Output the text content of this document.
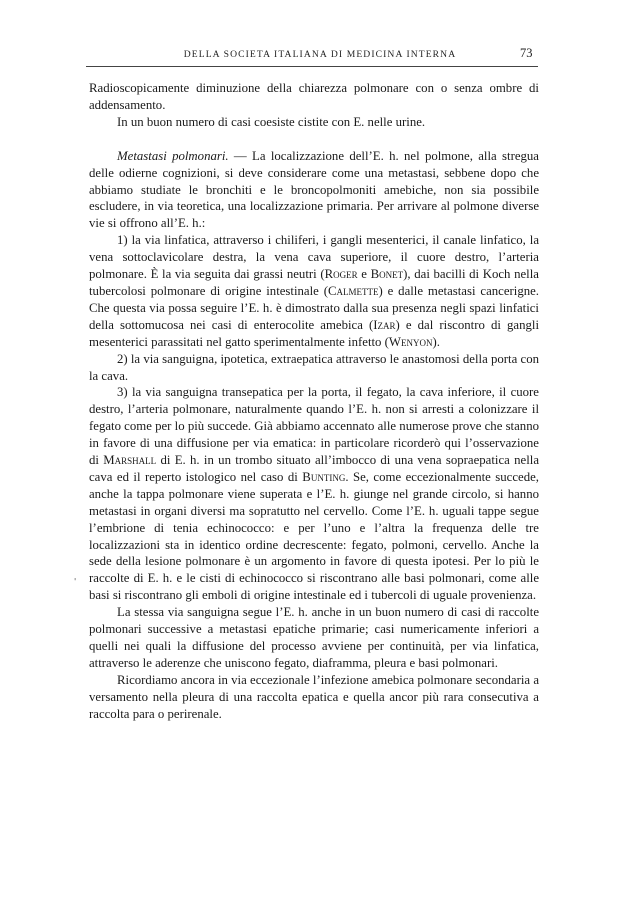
DELLA SOCIETA ITALIANA DI MEDICINA INTERNA	73
'

Radioscopicamente diminuzione della chiarezza polmonare con o senza ombre di addensamento.

In un buon numero di casi coesiste cistite con E. nelle urine.

Metastasi polmonari. — La localizzazione dell’E. h. nel polmone, alla stregua delle odierne cognizioni, si deve considerare come una metastasi, sebbene dopo che abbiamo studiate le bronchiti e le broncopolmoniti amebiche, non sia possibile escludere, in via teoretica, una localizzazione primaria. Per arrivare al polmone diverse vie si offrono all’E. h.:

1) la via linfatica, attraverso i chiliferi, i gangli mesenterici, il canale linfatico, la vena sottoclavicolare destra, la vena cava superiore, il cuore destro, l’arteria polmonare. È la via seguita dai grassi neutri (Roger e Bonet), dai bacilli di Koch nella tubercolosi polmonare di origine intestinale (Calmette) e dalle metastasi cancerigne. Che questa via possa seguire l’E. h. è dimostrato dalla sua presenza negli spazi linfatici della sottomucosa nei casi di enterocolite amebica (Izar) e dal riscontro di gangli mesenterici parassitati nel gatto sperimentalmente infetto (Wenyon).

2) la via sanguigna, ipotetica, extraepatica attraverso le anastomosi della porta con la cava.

3) la via sanguigna transepatica per la porta, il fegato, la cava inferiore, il cuore destro, l’arteria polmonare, naturalmente quando l’E. h. non si arresti a colonizzare il fegato come per lo più succede. Già abbiamo accennato alle numerose prove che stanno in favore di una diffusione per via ematica: in particolare ricorderò qui l’osservazione di Marshall di E. h. in un trombo situato all’imbocco di una vena sopraepatica nella cava ed il reperto istologico nel caso di Bunting. Se, come eccezionalmente succede, anche la tappa polmonare viene superata e l’E. h. giunge nel grande circolo, si hanno metastasi in organi diversi ma sopratutto nel cervello. Come l’E. h. uguali tappe segue l’embrione di tenia echinococco: e per l’uno e l’altra la frequenza delle tre localizzazioni sta in identico ordine decrescente: fegato, polmoni, cervello. Anche la sede della lesione polmonare è un argomento in favore di questa ipotesi. Per lo più le raccolte di E. h. e le cisti di echinococco si riscontrano alle basi polmonari, come alle basi si riscontrano gli emboli di origine intestinale ed i tubercoli di uguale provenienza.

La stessa via sanguigna segue l’E. h. anche in un buon numero di casi di raccolte polmonari successive a metastasi epatiche primarie; casi numericamente inferiori a quelli nei quali la diffusione del processo avviene per continuità, per via linfatica, attraverso le aderenze che uniscono fegato, diaframma, pleura e basi polmonari.

Ricordiamo ancora in via eccezionale l’infezione amebica polmonare secondaria a versamento nella pleura di una raccolta epatica e quella ancor più rara consecutiva a raccolta para o perirenale.
